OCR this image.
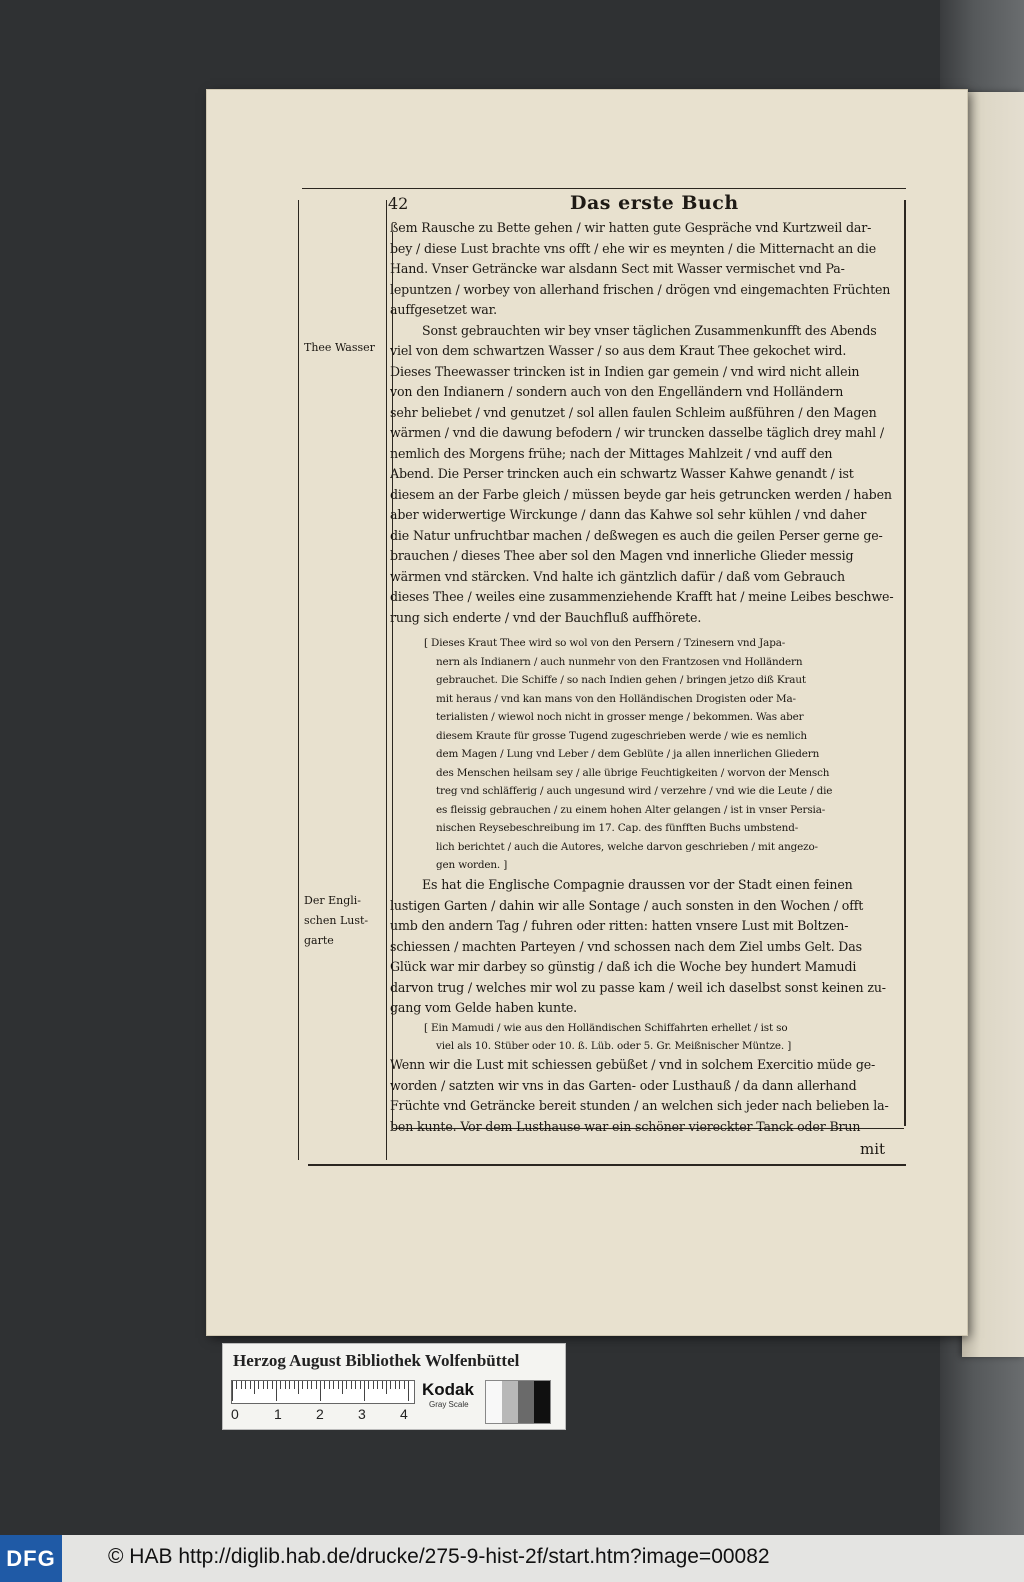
42	Das erste Buch
Thee Wasser
Der Engli-
schen Lust-
garte
ßem Rausche zu Bette gehen / wir hatten gute Gespräche vnd Kurtzweil dar-
bey / diese Lust brachte vns offt / ehe wir es meynten / die Mitternacht an die
Hand. Vnser Geträncke war alsdann Sect mit Wasser vermischet vnd Pa-
lepuntzen / worbey von allerhand frischen / drögen vnd eingemachten Früchten
auffgesetzet war.
Sonst gebrauchten wir bey vnser täglichen Zusammenkunfft des Abends
viel von dem schwartzen Wasser / so aus dem Kraut Thee gekochet wird.
Dieses Theewasser trincken ist in Indien gar gemein / vnd wird nicht allein
von den Indianern / sondern auch von den Engelländern vnd Holländern
sehr beliebet / vnd genutzet / sol allen faulen Schleim außführen / den Magen
wärmen / vnd die dawung befodern / wir truncken dasselbe täglich drey mahl /
nemlich des Morgens frühe; nach der Mittages Mahlzeit / vnd auff den
Abend. Die Perser trincken auch ein schwartz Wasser Kahwe genandt / ist
diesem an der Farbe gleich / müssen beyde gar heis getruncken werden / haben
aber widerwertige Wirckunge / dann das Kahwe sol sehr kühlen / vnd daher
die Natur unfruchtbar machen / deßwegen es auch die geilen Perser gerne ge-
brauchen / dieses Thee aber sol den Magen vnd innerliche Glieder messig
wärmen vnd stärcken. Vnd halte ich gäntzlich dafür / daß vom Gebrauch
dieses Thee / weiles eine zusammenziehende Krafft hat / meine Leibes beschwe-
rung sich enderte / vnd der Bauchfluß auffhörete.
[ Dieses Kraut Thee wird so wol von den Persern / Tzinesern vnd Japa-
nern als Indianern / auch nunmehr von den Frantzosen vnd Holländern
gebrauchet. Die Schiffe / so nach Indien gehen / bringen jetzo diß Kraut
mit heraus / vnd kan mans von den Holländischen Drogisten oder Ma-
terialisten / wiewol noch nicht in grosser menge / bekommen. Was aber
diesem Kraute für grosse Tugend zugeschrieben werde / wie es nemlich
dem Magen / Lung vnd Leber / dem Geblüte / ja allen innerlichen Gliedern
des Menschen heilsam sey / alle übrige Feuchtigkeiten / worvon der Mensch
treg vnd schläfferig / auch ungesund wird / verzehre / vnd wie die Leute / die
es fleissig gebrauchen / zu einem hohen Alter gelangen / ist in vnser Persia-
nischen Reysebeschreibung im 17. Cap. des fünfften Buchs umbstend-
lich berichtet / auch die Autores, welche darvon geschrieben / mit angezo-
gen worden. ]
Es hat die Englische Compagnie draussen vor der Stadt einen feinen
lustigen Garten / dahin wir alle Sontage / auch sonsten in den Wochen / offt
umb den andern Tag / fuhren oder ritten: hatten vnsere Lust mit Boltzen-
schiessen / machten Parteyen / vnd schossen nach dem Ziel umbs Gelt. Das
Glück war mir darbey so günstig / daß ich die Woche bey hundert Mamudi
darvon trug / welches mir wol zu passe kam / weil ich daselbst sonst keinen zu-
gang vom Gelde haben kunte.
[ Ein Mamudi / wie aus den Holländischen Schiffahrten erhellet / ist so
viel als 10. Stüber oder 10. ß. Lüb. oder 5. Gr. Meißnischer Müntze. ]
Wenn wir die Lust mit schiessen gebüßet / vnd in solchem Exercitio müde ge-
worden / satzten wir vns in das Garten- oder Lusthauß / da dann allerhand
Früchte vnd Geträncke bereit stunden / an welchen sich jeder nach belieben la-
ben kunte. Vor dem Lusthause war ein schöner viereckter Tanck oder Brun
mit
Herzog August Bibliothek Wolfenbüttel
0	1 2 3 4
Kodak
Gray Scale
DFG © HAB http://diglib.hab.de/drucke/275-9-hist-2f/start.htm?image=00082
